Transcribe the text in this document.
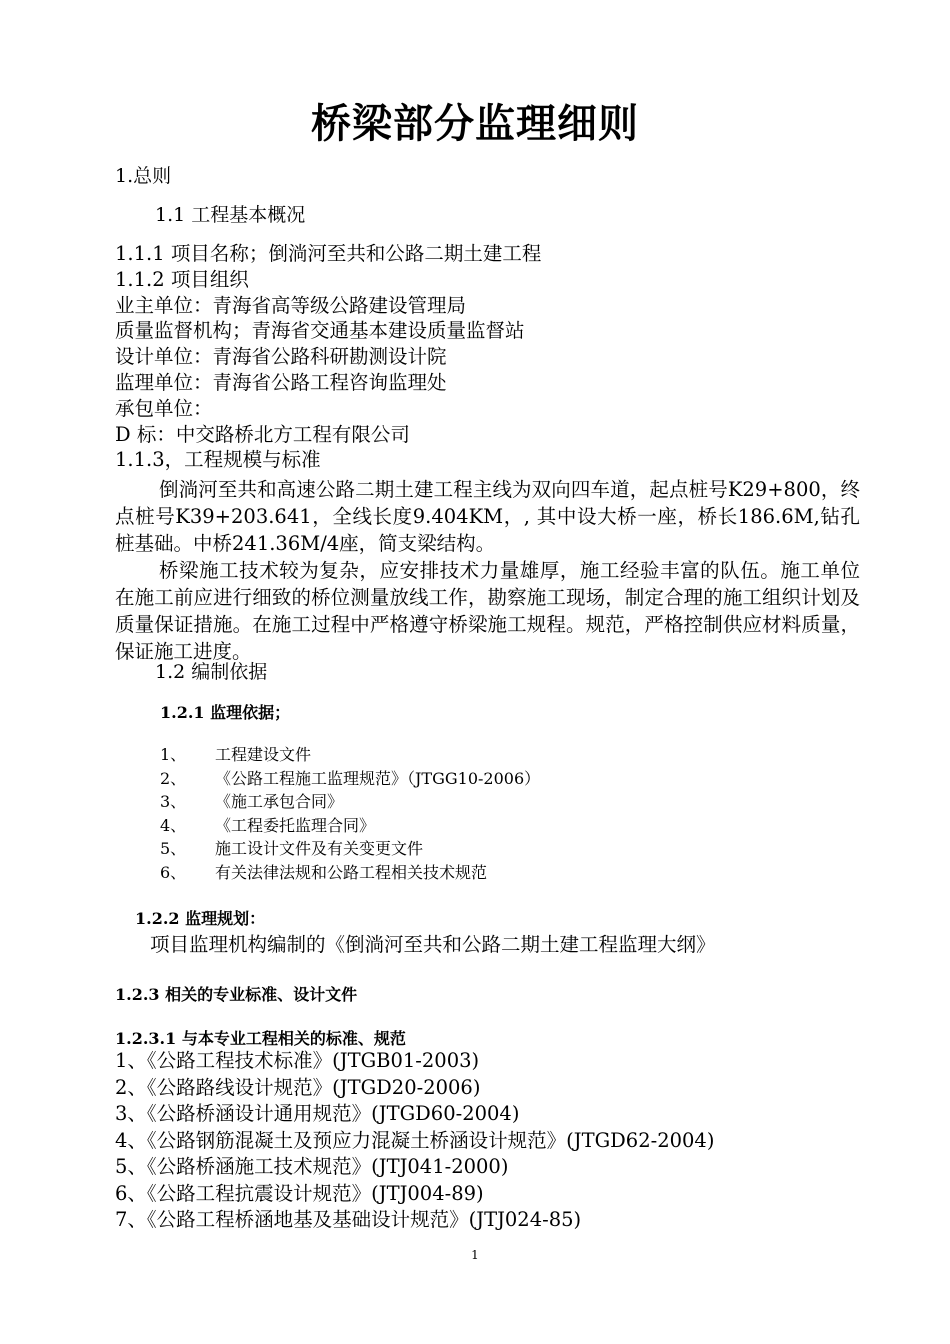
桥梁部分监理细则
1.总则
1.1 工程基本概况
1.1.1 项目名称；倒淌河至共和公路二期土建工程
1.1.2 项目组织
业主单位：青海省高等级公路建设管理局
质量监督机构；青海省交通基本建设质量监督站
设计单位：青海省公路科研勘测设计院
监理单位：青海省公路工程咨询监理处
承包单位：
D 标：中交路桥北方工程有限公司
1.1.3，工程规模与标准
倒淌河至共和高速公路二期土建工程主线为双向四车道，起点桩号K29+800，终点桩号K39+203.641，全线长度9.404KM，, 其中设大桥一座，桥长186.6M,钻孔桩基础。中桥241.36M/4座，简支梁结构。
桥梁施工技术较为复杂，应安排技术力量雄厚，施工经验丰富的队伍。施工单位在施工前应进行细致的桥位测量放线工作，勘察施工现场，制定合理的施工组织计划及质量保证措施。在施工过程中严格遵守桥梁施工规程。规范，严格控制供应材料质量，保证施工进度。
1.2 编制依据
1.2.1 监理依据；
1、 工程建设文件
2、 《公路工程施工监理规范》（JTGG10-2006）
3、 《施工承包合同》
4、 《工程委托监理合同》
5、 施工设计文件及有关变更文件
6、 有关法律法规和公路工程相关技术规范
1.2.2 监理规划：
项目监理机构编制的《倒淌河至共和公路二期土建工程监理大纲》
1.2.3 相关的专业标准、设计文件
1.2.3.1 与本专业工程相关的标准、规范
1、《公路工程技术标准》(JTGB01-2003)
2、《公路路线设计规范》(JTGD20-2006)
3、《公路桥涵设计通用规范》(JTGD60-2004)
4、《公路钢筋混凝土及预应力混凝土桥涵设计规范》(JTGD62-2004)
5、《公路桥涵施工技术规范》(JTJ041-2000)
6、《公路工程抗震设计规范》(JTJ004-89)
7、《公路工程桥涵地基及基础设计规范》(JTJ024-85)
1
